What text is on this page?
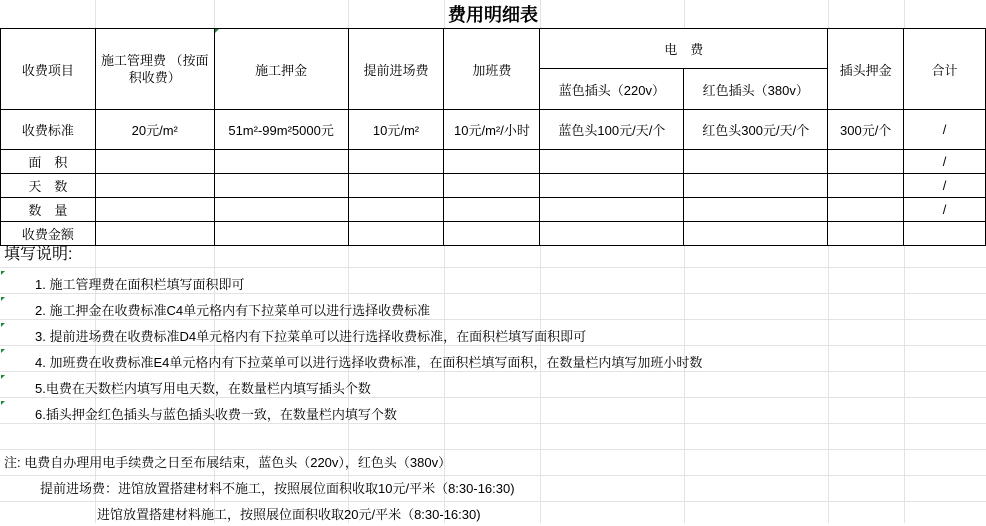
费用明细表
收费项目	施工管理费 （按面积收费）	施工押金	提前进场费	加班费	电　费		插头押金	合计
					蓝色插头（220v）	红色插头（380v）		
收费标准	20元/m²	51m²-99m²5000元	10元/m²	10元/m²/小时	蓝色头100元/天/个	红色头300元/天/个	300元/个	/
面　积								/
天　数								/
数　量								/
收费金额								
填写说明:
1. 施工管理费在面积栏填写面积即可
2. 施工押金在收费标准C4单元格内有下拉菜单可以进行选择收费标准
3. 提前进场费在收费标准D4单元格内有下拉菜单可以进行选择收费标准，在面积栏填写面积即可
4. 加班费在收费标准E4单元格内有下拉菜单可以进行选择收费标准，在面积栏填写面积，在数量栏内填写加班小时数
5.电费在天数栏内填写用电天数，在数量栏内填写插头个数
6.插头押金红色插头与蓝色插头收费一致，在数量栏内填写个数
注: 电费自办理用电手续费之日至布展结束，蓝色头（220v），红色头（380v）
提前进场费：进馆放置搭建材料不施工，按照展位面积收取10元/平米（8:30-16:30)
进馆放置搭建材料施工，按照展位面积收取20元/平米（8:30-16:30)
